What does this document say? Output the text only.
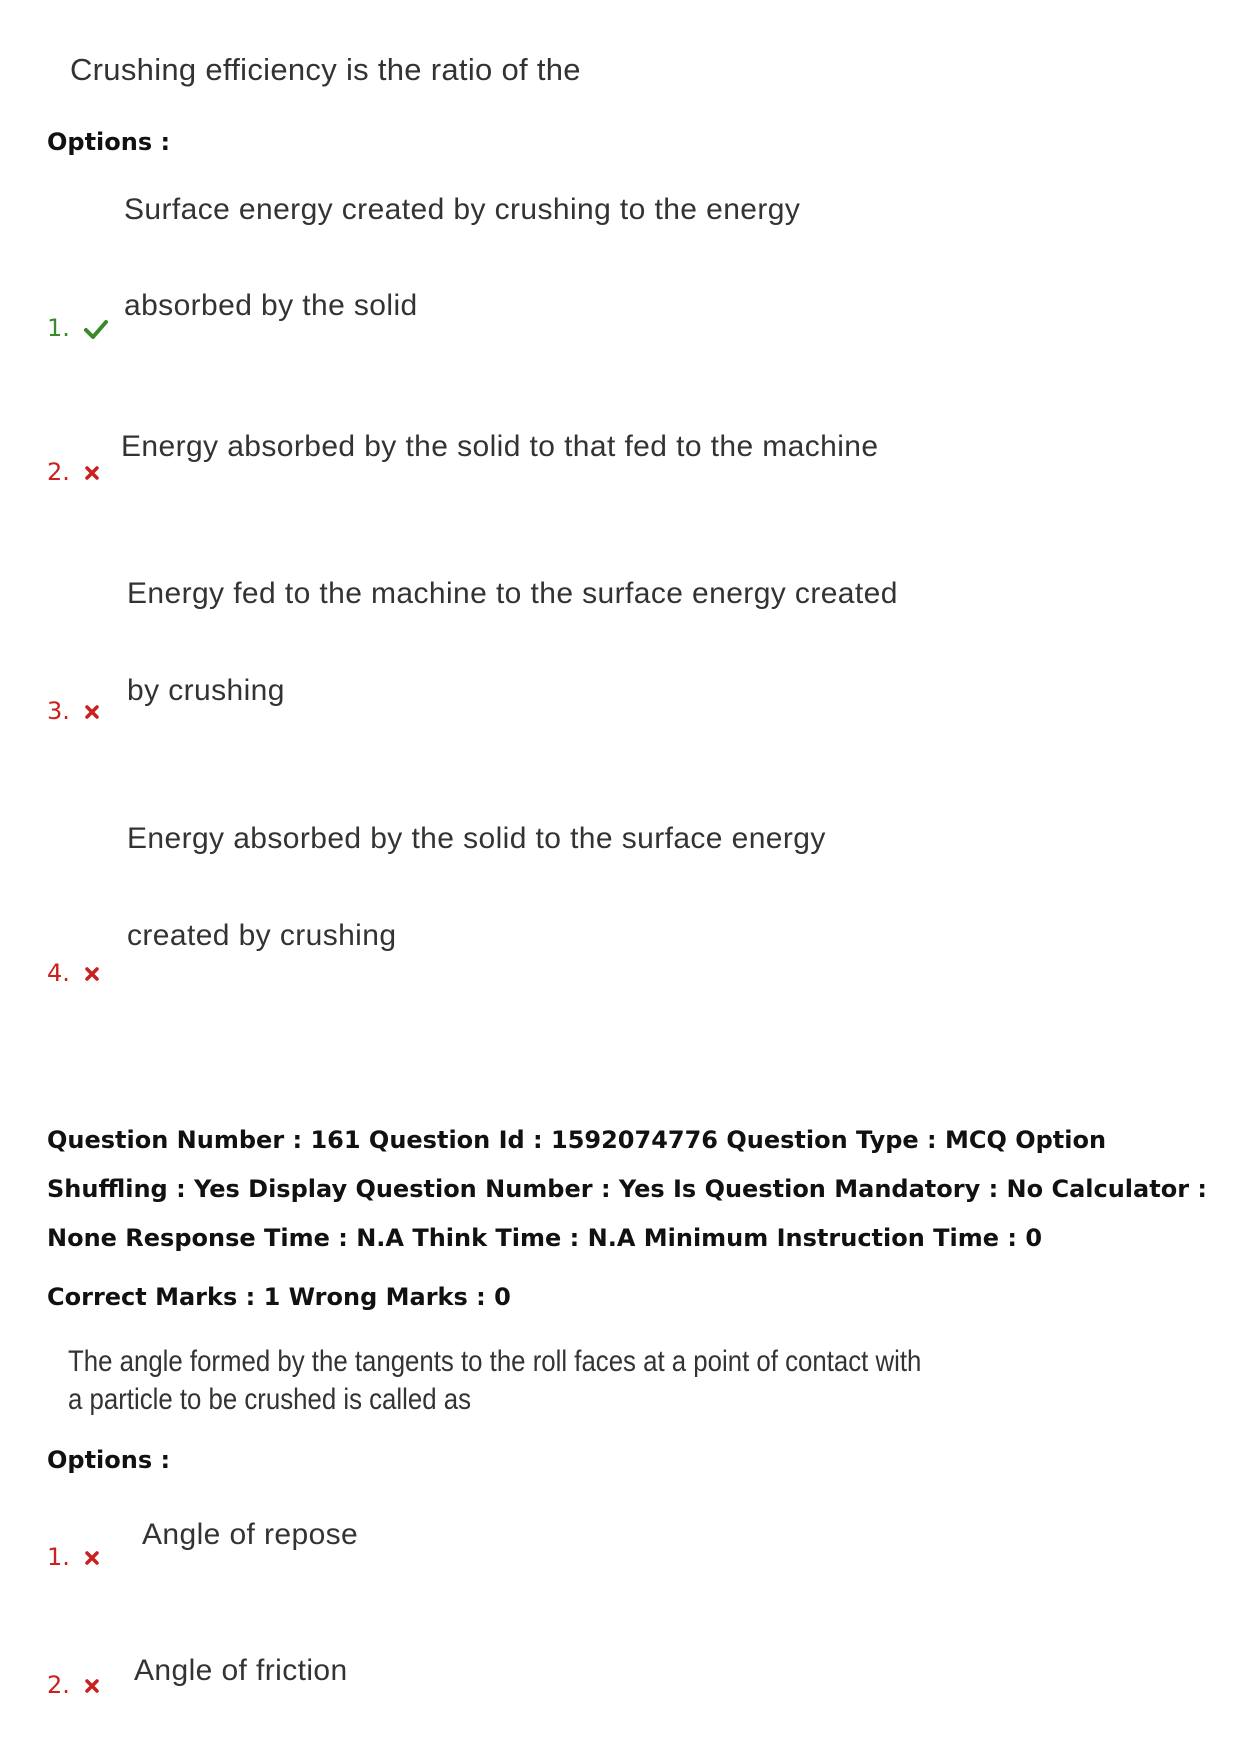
Crushing efficiency is the ratio of the
Options :
Surface energy created by crushing to the energy
absorbed by the solid
1.
Energy absorbed by the solid to that fed to the machine
2.
Energy fed to the machine to the surface energy created
by crushing
3.
Energy absorbed by the solid to the surface energy
created by crushing
4.
Question Number : 161 Question Id : 1592074776 Question Type : MCQ Option Shuffling : Yes Display Question Number : Yes Is Question Mandatory : No Calculator : None Response Time : N.A Think Time : N.A Minimum Instruction Time : 0
Correct Marks : 1 Wrong Marks : 0
The angle formed by the tangents to the roll faces at a point of contact with
a particle to be crushed is called as
Options :
Angle of repose
1.
Angle of friction
2.
